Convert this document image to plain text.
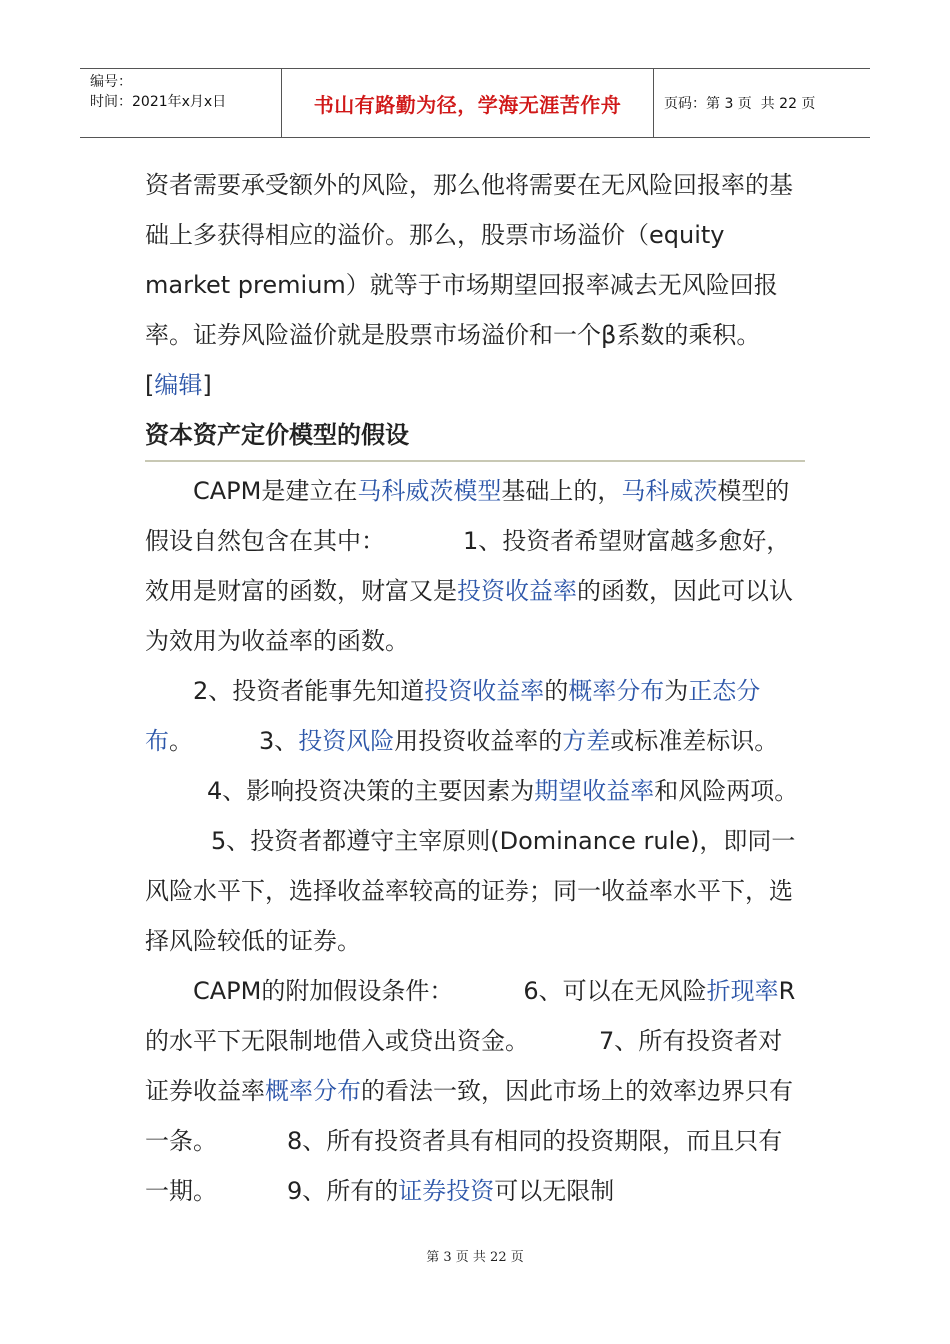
编号：
时间：2021年x月x日	书山有路勤为径，学海无涯苦作舟	页码：第 3 页  共 22 页

资者需要承受额外的风险，那么他将需要在无风险回报率的基础上多获得相应的溢价。那么，股票市场溢价（equity market premium）就等于市场期望回报率减去无风险回报率。证券风险溢价就是股票市场溢价和一个β系数的乘积。
[编辑]

资本资产定价模型的假设

CAPM是建立在马科威茨模型基础上的，马科威茨模型的假设自然包含在其中：	1、投资者希望财富越多愈好，效用是财富的函数，财富又是投资收益率的函数，因此可以认为效用为收益率的函数。

2、投资者能事先知道投资收益率的概率分布为正态分布。	3、投资风险用投资收益率的方差或标准差标识。

4、影响投资决策的主要因素为期望收益率和风险两项。5、投资者都遵守主宰原则(Dominance rule)，即同一风险水平下，选择收益率较高的证券；同一收益率水平下，选择风险较低的证券。

CAPM的附加假设条件：	6、可以在无风险折现率R的水平下无限制地借入或贷出资金。	7、所有投资者对证券收益率概率分布的看法一致，因此市场上的效率边界只有一条。	8、所有投资者具有相同的投资期限，而且只有一期。	9、所有的证券投资可以无限制

第 3 页 共 22 页
